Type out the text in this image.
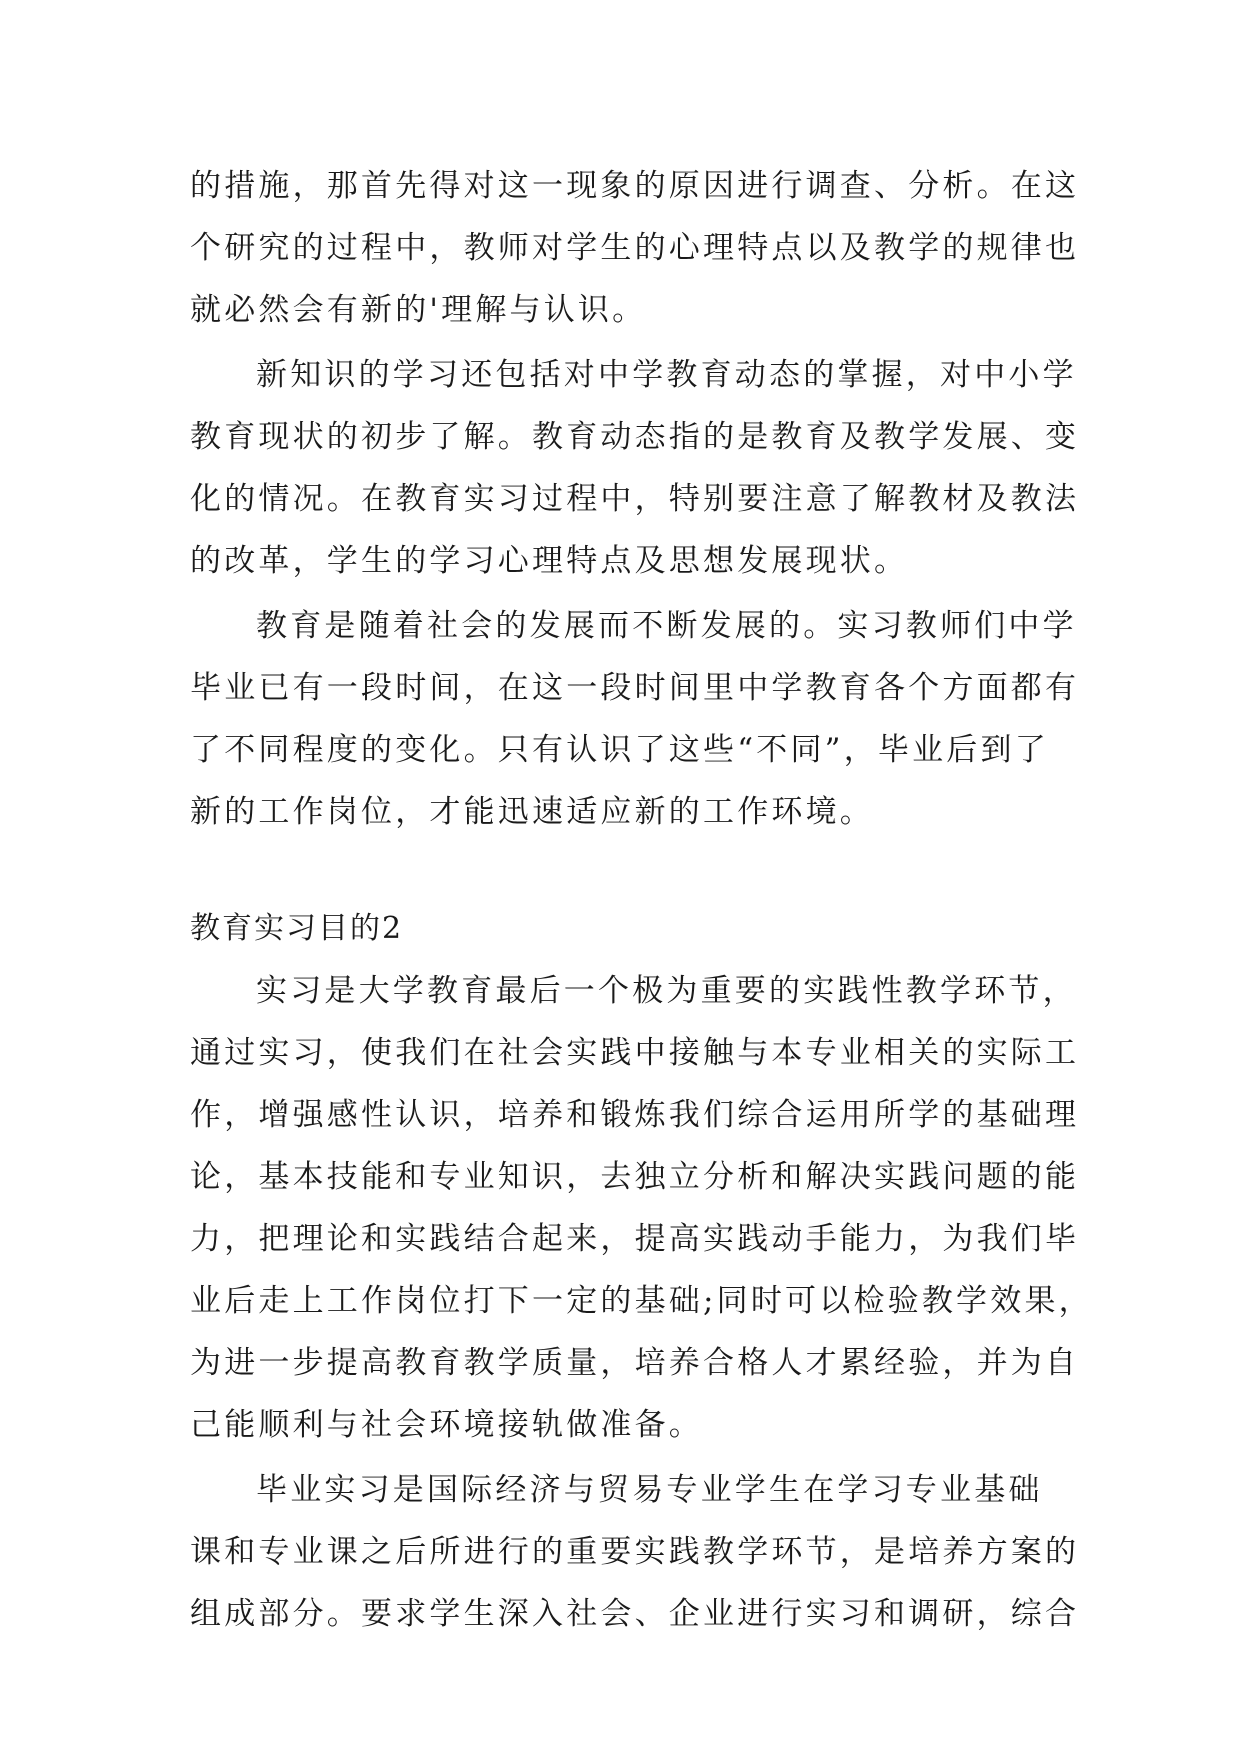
的措施，那首先得对这一现象的原因进行调查、分析。在这
个研究的过程中，教师对学生的心理特点以及教学的规律也
就必然会有新的'理解与认识。
新知识的学习还包括对中学教育动态的掌握，对中小学
教育现状的初步了解。教育动态指的是教育及教学发展、变
化的情况。在教育实习过程中，特别要注意了解教材及教法
的改革，学生的学习心理特点及思想发展现状。
教育是随着社会的发展而不断发展的。实习教师们中学
毕业已有一段时间，在这一段时间里中学教育各个方面都有
了不同程度的变化。只有认识了这些“不同”，毕业后到了
新的工作岗位，才能迅速适应新的工作环境。
教育实习目的2
实习是大学教育最后一个极为重要的实践性教学环节，
通过实习，使我们在社会实践中接触与本专业相关的实际工
作，增强感性认识，培养和锻炼我们综合运用所学的基础理
论，基本技能和专业知识，去独立分析和解决实践问题的能
力，把理论和实践结合起来，提高实践动手能力，为我们毕
业后走上工作岗位打下一定的基础;同时可以检验教学效果，
为进一步提高教育教学质量，培养合格人才累经验，并为自
己能顺利与社会环境接轨做准备。
毕业实习是国际经济与贸易专业学生在学习专业基础
课和专业课之后所进行的重要实践教学环节，是培养方案的
组成部分。要求学生深入社会、企业进行实习和调研，综合
